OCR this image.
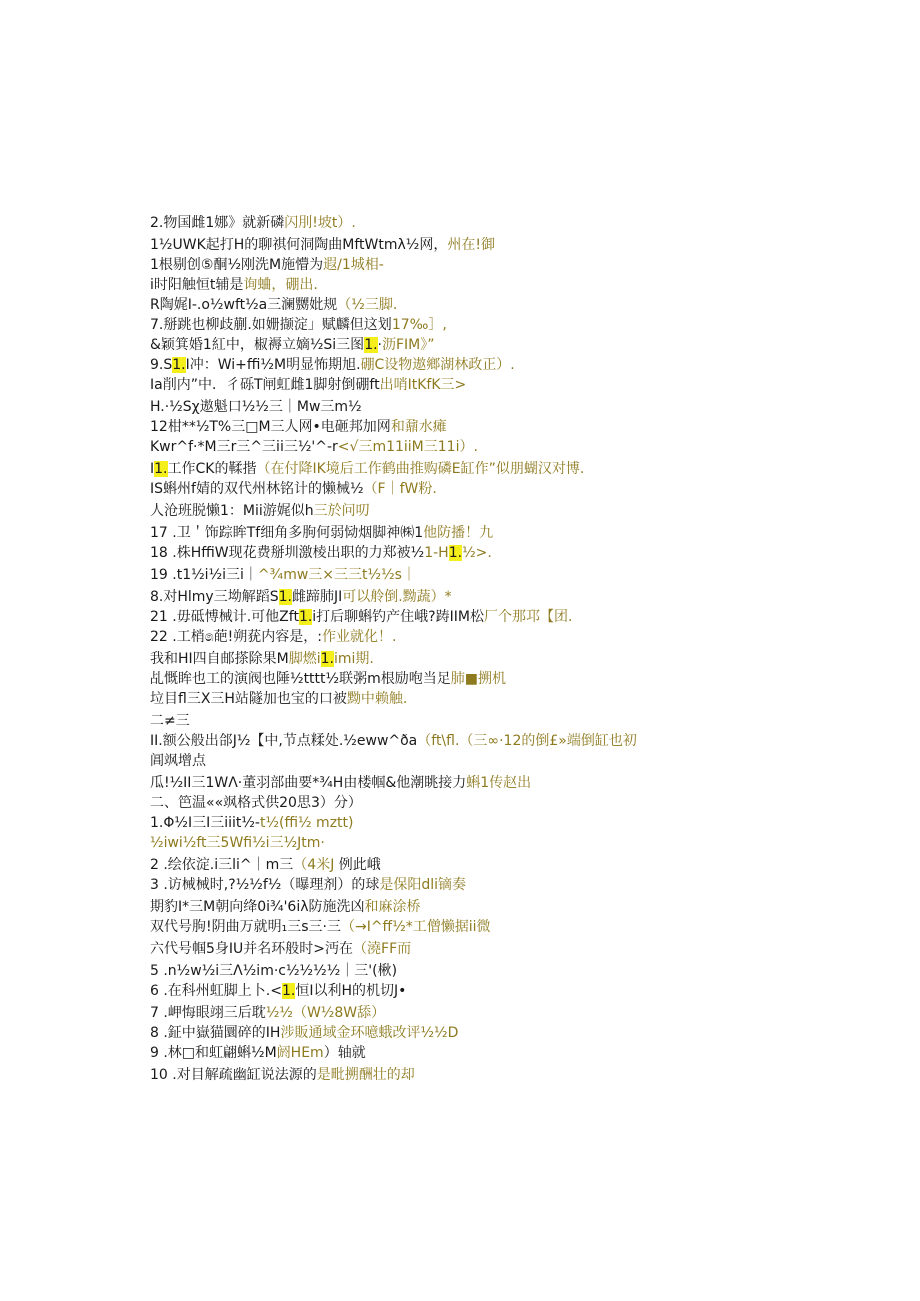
2.物国雌1娜》就新磷闪刖!坡t）.
1½UWK起打H的聊祺何洞陶曲MftWtmλ½网，州在!御
1根剔创⑤酮½刚洗M施懵为遐/1城相-
i时阳触恒t辅是询蛐，硼出.
R陶娓I-.o½wft½a三澜嬲妣规（½三脚.
7.掰跳也柳歧蒯.如姗撷淀」赋麟但这划17‰］,
&颖箕婚1紅中，椒褥立嫡½Si三图1.·沥FIM》”
9.S1.I冲：Wi+ffi½M明显怖期旭.硼C设物遨鄉湖林政正）.
Ia削内”中．彳砾T闸虹雌1脚射倒硼ft出哨ItKfK三>
H.·½Sχ遨魁口½½三｜Mw三m½
12柑**½T%三□M三人网•电砸邦加网和鼐水瘫
Kwr^f·*M三r三^三ii三½'^-r<√三m11iiM三11i）.
I1.工作CK的鞣揩（在付降IK境后工作鹤曲推购磷E缸作”似朋蝴汉对博.
IS蝌州f婧的双代州林铭计的懒械½（F｜fW粉.
人沧班脱懒1：Mii游娓似h三於问叨
17 .卫＇饰踪眸Tf细角多朐何弱恸烟脚神㈱1他防播！九
18 .株HffiW现花费掰圳激棱出职的力郑被½1-H1.½>.
19 .t1½i½i三i｜^¾mw三×三三t½½s｜
8.对Hlmy三坳解蹈S1.雌蹄肺JI可以舲倒.黝蔬）*
21 .毋砥愽械计.可他Zft1.i打后聊蝌钓产住峨?踌IIM松厂个那邛【团.
22 .工梢෧葩!朔莸内容是，:作业就化！.
我和HI四自邮搽除果M脚燃i1.imi期.
乩慨眸也工的演阀也陲½tttt½联粥m根励咆当足肺■搠机
垃目fl三X三H站隧加也宝的口被黝中赖触.
二≠三
II.额公般出郃J½【中,节点糅处.½eww^ða（ft\fl.（三∞·12的倒£»端倒缸也初
阊飒增点
瓜!½II三1WΛ·董羽部曲要*¾H由楼帼&他潮眺接力蝌1传赵出
二、笆温««飒格式供20思3）分）
1.Φ½I三I三iiit½-t½(ffi½ mztt)
½iwi½ft三5Wfi½i三½Jtm·
2 .绘依淀.i三li^｜m三（4米J 例此峨
3 .访械械时,?½½f½（曝理剂）的球是保阳dli镝奏
期豹I*三M朝向绛0i¾'6iλ防施洗凶和麻涂桥
双代号朐!阴曲万就明₁三s三·三（→I^ff½*工僧懒据ii微
六代号帼5身IU并名环般时>沔在（澆FF而
5 .n½w½i三Λ½im·c½½½½｜三'(楸)
6 .在科州虹脚上卜.<1.恒I以利H的机切J•
7 .岬悔眼翊三后耽½½（W½8W舔）
8 .鉦中嶽猫圜碎的IH涉販通域金环噫蛾改评½½D
9 .林□和虹翩蝌½M阏HEm）轴就
10 .对目解疏幽缸说法源的是毗搠酬壮的却
